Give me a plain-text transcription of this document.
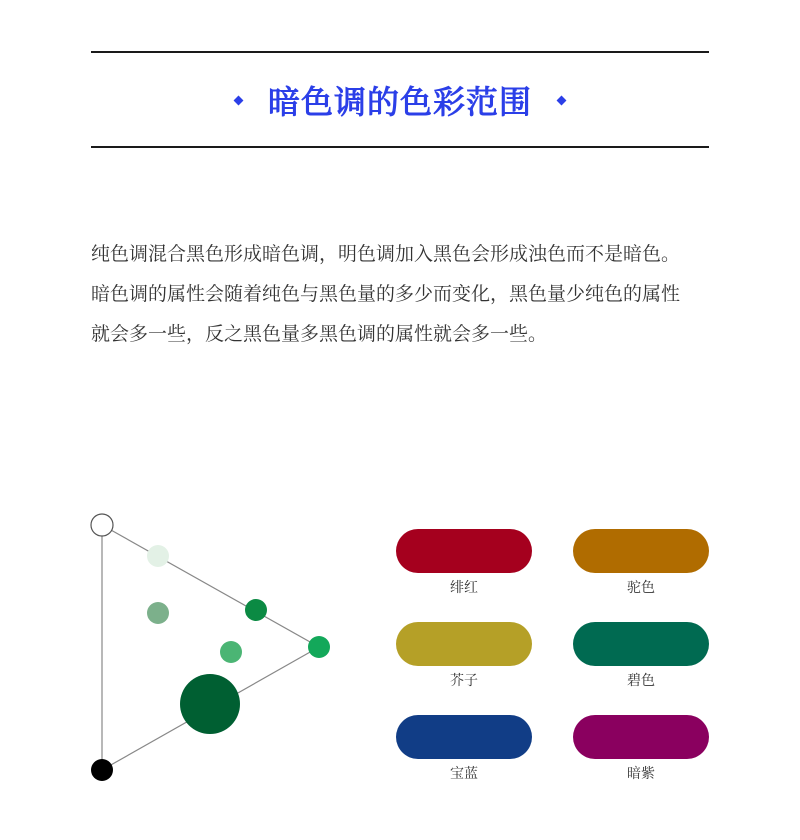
暗色调的色彩范围

纯色调混合黑色形成暗色调，明色调加入黑色会形成浊色而不是暗色。

暗色调的属性会随着纯色与黑色量的多少而变化，黑色量少纯色的属性

就会多一些，反之黑色量多黑色调的属性就会多一些。

绯红	驼色
芥子	碧色
宝蓝	暗紫
